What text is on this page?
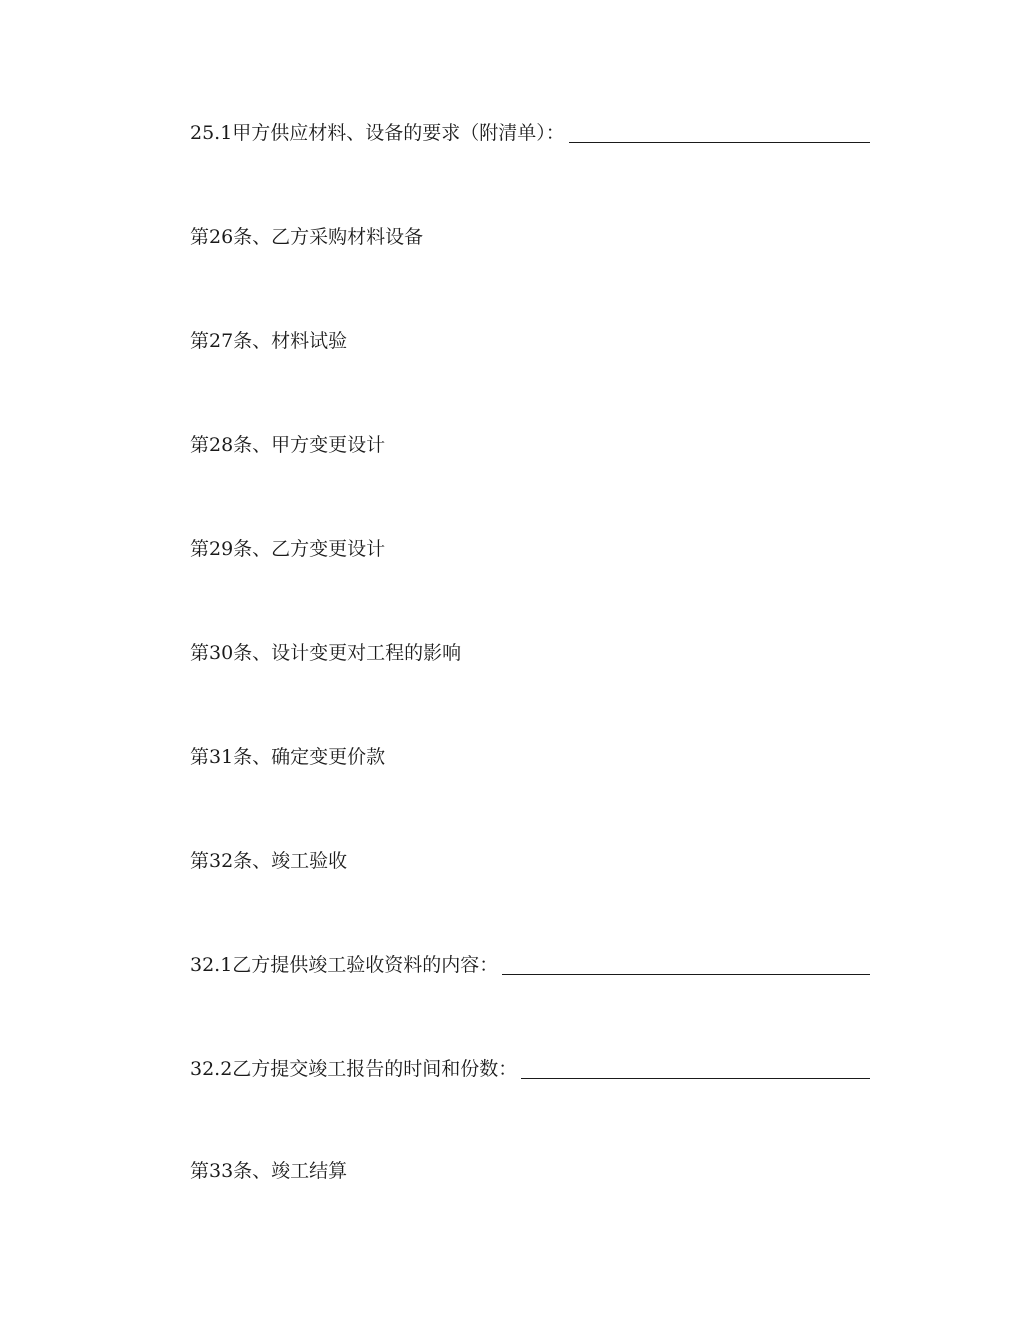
25.1甲方供应材料、设备的要求（附清单）：
第26条、乙方采购材料设备
第27条、材料试验
第28条、甲方变更设计
第29条、乙方变更设计
第30条、设计变更对工程的影响
第31条、确定变更价款
第32条、竣工验收
32.1乙方提供竣工验收资料的内容：
32.2乙方提交竣工报告的时间和份数：
第33条、竣工结算
